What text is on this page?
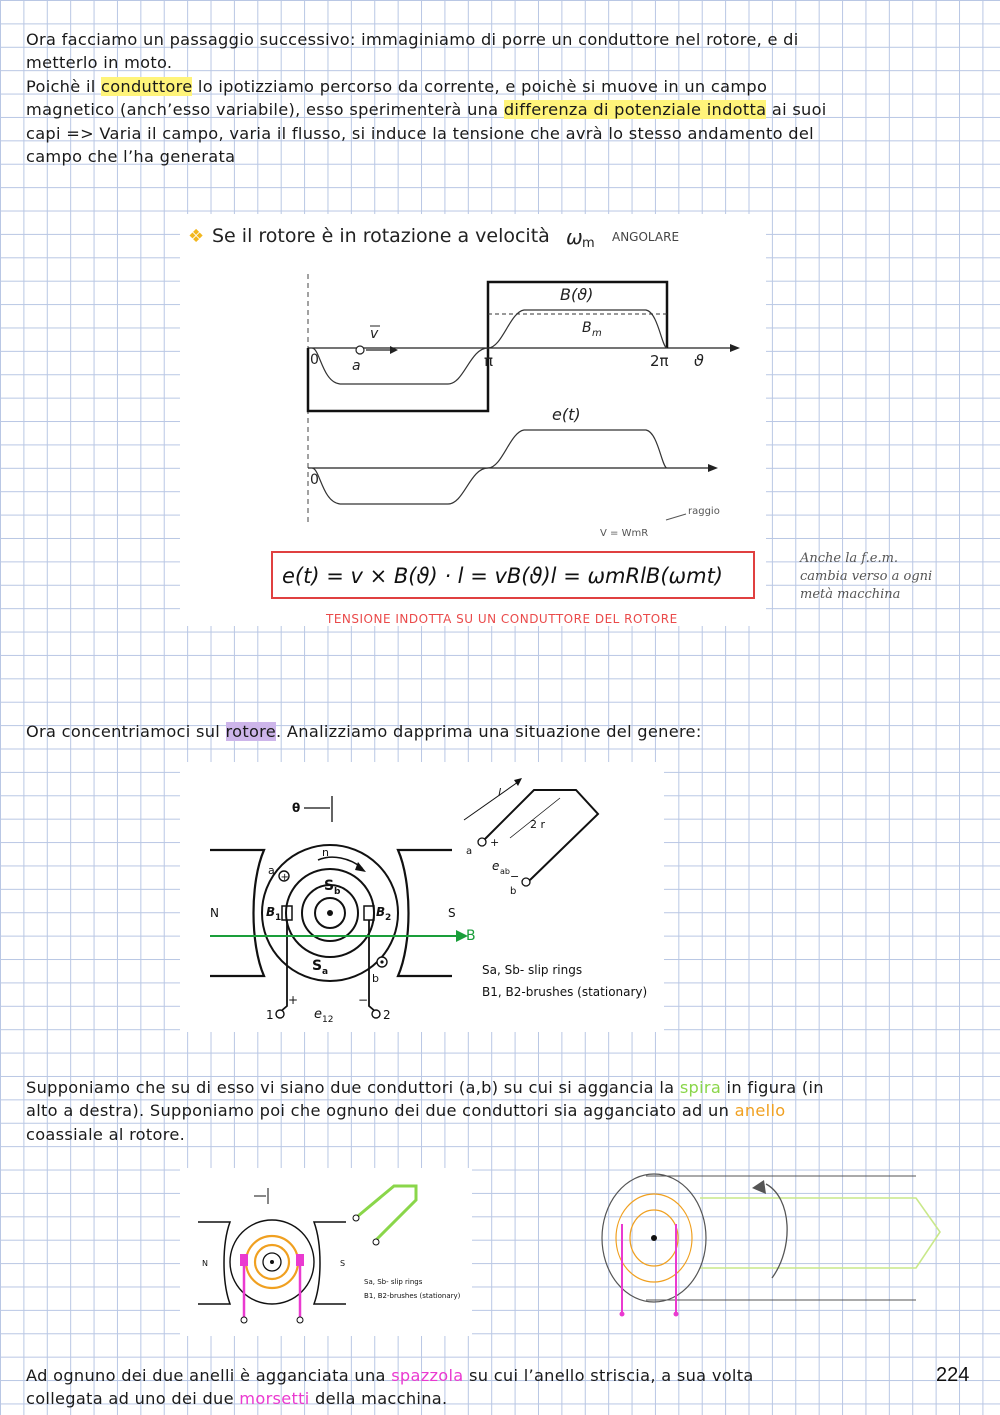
Ora facciamo un passaggio successivo: immaginiamo di porre un conduttore nel rotore, e di
metterlo in moto.
Poichè il conduttore lo ipotizziamo percorso da corrente, e poichè si muove in un campo
magnetico (anch’esso variabile), esso sperimenterà una differenza di potenziale indotta ai suoi
capi => Varia il campo, varia il flusso, si induce la tensione che avrà lo stesso andamento del
campo che l’ha generata
❖ Se il rotore è in rotazione a velocità ω m ANGOLARE
B(ϑ)
B m
0	π	2π ϑ
v
a
e(t)
0
V = WmR
raggio
e(t) = v × B(ϑ) · l = vB(ϑ)l = ωmRlB(ωmt)
TENSIONE INDOTTA SU UN CONDUTTORE DEL ROTORE
Anche la f.e.m.
cambia verso a ogni
metà macchina
Ora concentriamoci sul rotore. Analizziamo dapprima una situazione del genere:
θ
N	S
B 1	B 2
n
S b
S a
+
a
b
1	2
+	−
e 12
B
l
2 r
a
b
+
e ab −
Sa, Sb- slip rings
B1, B2-brushes (stationary)
Supponiamo che su di esso vi siano due conduttori (a,b) su cui si aggancia la spira in figura (in
alto a destra). Supponiamo poi che ognuno dei due conduttori sia agganciato ad un anello
coassiale al rotore.
N	S
Sa, Sb- slip rings
B1, B2-brushes (stationary)
Ad ognuno dei due anelli è agganciata una spazzola su cui l’anello striscia, a sua volta
collegata ad uno dei due morsetti della macchina.
224
